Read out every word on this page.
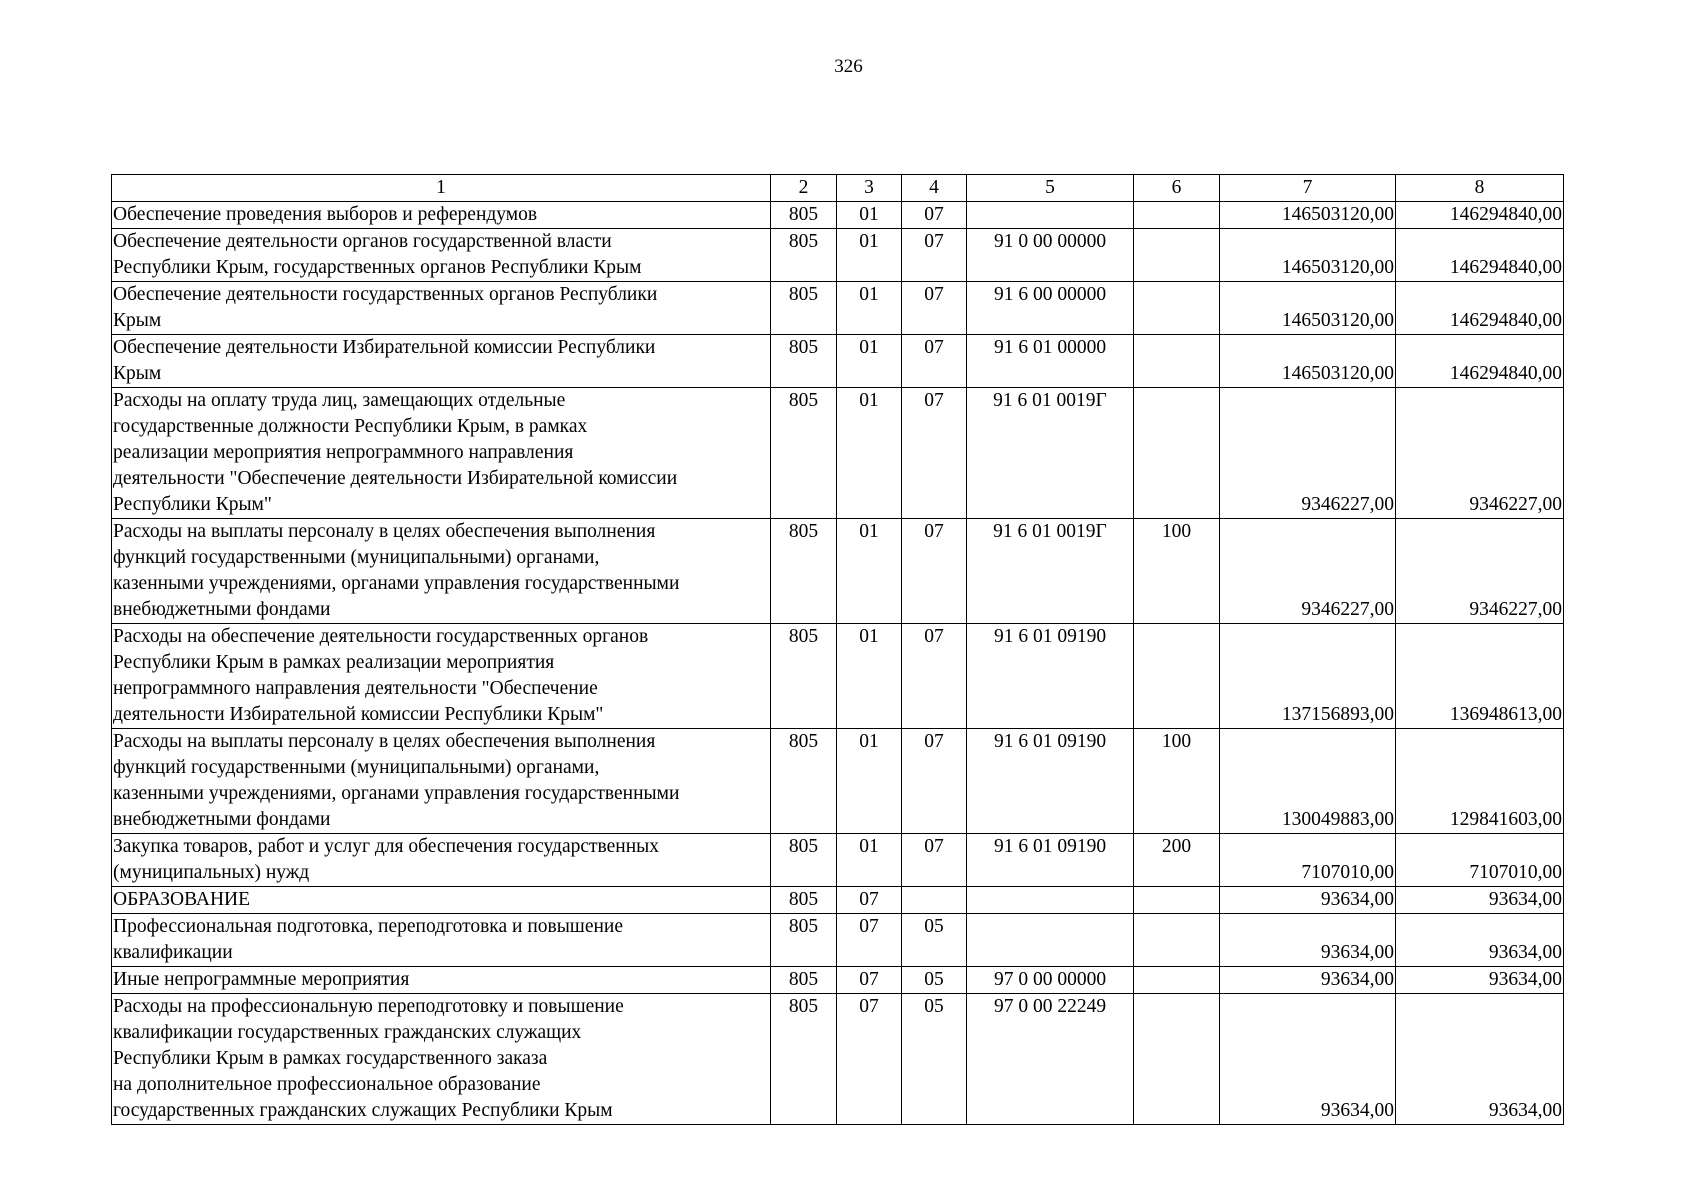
326
1	2	3	4	5	6	7	8
Обеспечение проведения выборов и референдумов	805	01	07			146503120,00	146294840,00
Обеспечение деятельности органов государственной власти
Республики Крым, государственных органов Республики Крым	805	01	07	91 0 00 00000		146503120,00	146294840,00
Обеспечение деятельности государственных органов Республики
Крым	805	01	07	91 6 00 00000		146503120,00	146294840,00
Обеспечение деятельности Избирательной комиссии Республики
Крым	805	01	07	91 6 01 00000		146503120,00	146294840,00
Расходы на оплату труда лиц, замещающих отдельные
государственные должности Республики Крым, в рамках
реализации мероприятия непрограммного направления
деятельности "Обеспечение деятельности Избирательной комиссии
Республики Крым"	805	01	07	91 6 01 0019Г		9346227,00	9346227,00
Расходы на выплаты персоналу в целях обеспечения выполнения
функций государственными (муниципальными) органами,
казенными учреждениями, органами управления государственными
внебюджетными фондами	805	01	07	91 6 01 0019Г	100	9346227,00	9346227,00
Расходы на обеспечение деятельности государственных органов
Республики Крым в рамках реализации мероприятия
непрограммного направления деятельности "Обеспечение
деятельности Избирательной комиссии Республики Крым"	805	01	07	91 6 01 09190		137156893,00	136948613,00
Расходы на выплаты персоналу в целях обеспечения выполнения
функций государственными (муниципальными) органами,
казенными учреждениями, органами управления государственными
внебюджетными фондами	805	01	07	91 6 01 09190	100	130049883,00	129841603,00
Закупка товаров, работ и услуг для обеспечения государственных
(муниципальных) нужд	805	01	07	91 6 01 09190	200	7107010,00	7107010,00
ОБРАЗОВАНИЕ	805	07				93634,00	93634,00
Профессиональная подготовка, переподготовка и повышение
квалификации	805	07	05			93634,00	93634,00
Иные непрограммные мероприятия	805	07	05	97 0 00 00000		93634,00	93634,00
Расходы на профессиональную переподготовку и повышение
квалификации государственных гражданских служащих
Республики Крым в рамках государственного заказа
на дополнительное профессиональное образование
государственных гражданских служащих Республики Крым	805	07	05	97 0 00 22249		93634,00	93634,00
